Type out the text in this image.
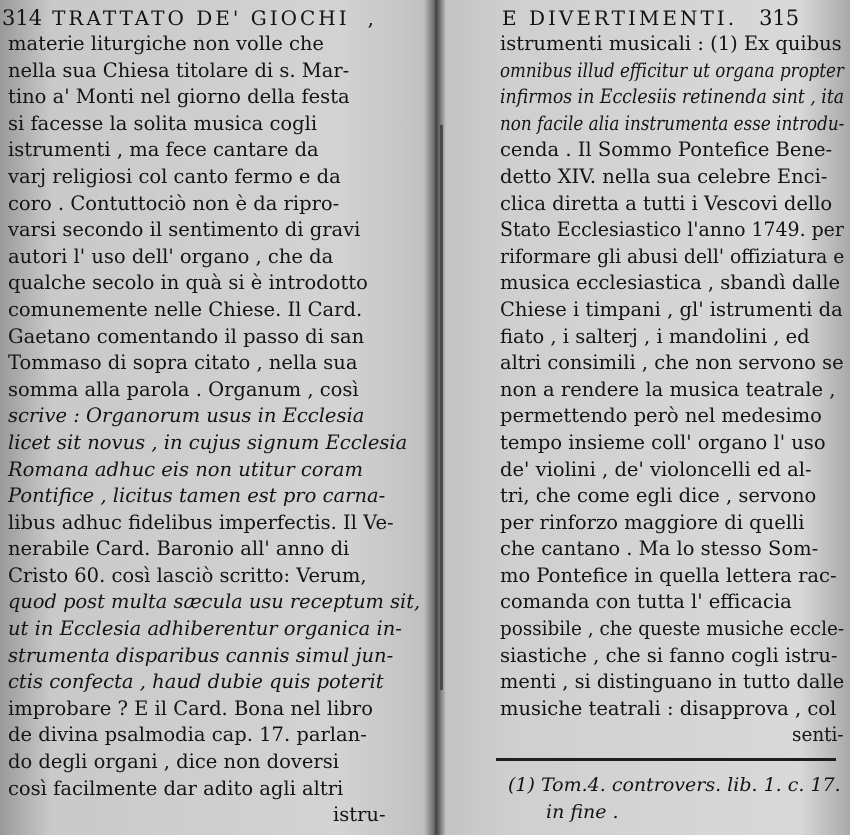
314 TRATTATO DE' GIOCHI ,
materie liturgiche non volle che
nella sua Chiesa titolare di s. Mar-
tino a' Monti nel giorno della festa
si facesse la solita musica cogli
istrumenti , ma fece cantare da
varj religiosi col canto fermo e da
coro . Contuttociò non è da ripro-
varsi secondo il sentimento di gravi
autori l' uso dell' organo , che da
qualche secolo in quà si è introdotto
comunemente nelle Chiese. Il Card.
Gaetano comentando il passo di san
Tommaso di sopra citato , nella sua
somma alla parola . Organum , così
scrive : Organorum usus in Ecclesia
licet sit novus , in cujus signum Ecclesia
Romana adhuc eis non utitur coram
Pontifice , licitus tamen est pro carna-
libus adhuc fidelibus imperfectis. Il Ve-
nerabile Card. Baronio all' anno di
Cristo 60. così lasciò scritto: Verum,
quod post multa sæcula usu receptum sit,
ut in Ecclesia adhiberentur organica in-
strumenta disparibus cannis simul jun-
ctis confecta , haud dubie quis poterit
improbare ? E il Card. Bona nel libro
de divina psalmodia cap. 17. parlan-
do degli organi , dice non doversi
così facilmente dar adito agli altri
istru-
E DIVERTIMENTI. 315
istrumenti musicali : (1) Ex quibus
omnibus illud efficitur ut organa propter
infirmos in Ecclesiis retinenda sint , ita
non facile alia instrumenta esse introdu-
cenda . Il Sommo Pontefice Bene-
detto XIV. nella sua celebre Enci-
clica diretta a tutti i Vescovi dello
Stato Ecclesiastico l'anno 1749. per
riformare gli abusi dell' offiziatura e
musica ecclesiastica , sbandì dalle
Chiese i timpani , gl' istrumenti da
fiato , i salterj , i mandolini , ed
altri consimili , che non servono se
non a rendere la musica teatrale ,
permettendo però nel medesimo
tempo insieme coll' organo l' uso
de' violini , de' violoncelli ed al-
tri, che come egli dice , servono
per rinforzo maggiore di quelli
che cantano . Ma lo stesso Som-
mo Pontefice in quella lettera rac-
comanda con tutta l' efficacia
possibile , che queste musiche eccle-
siastiche , che si fanno cogli istru-
menti , si distinguano in tutto dalle
musiche teatrali : disapprova , col
senti-
(1) Tom.4. controvers. lib. 1. c. 17.
in fine .
